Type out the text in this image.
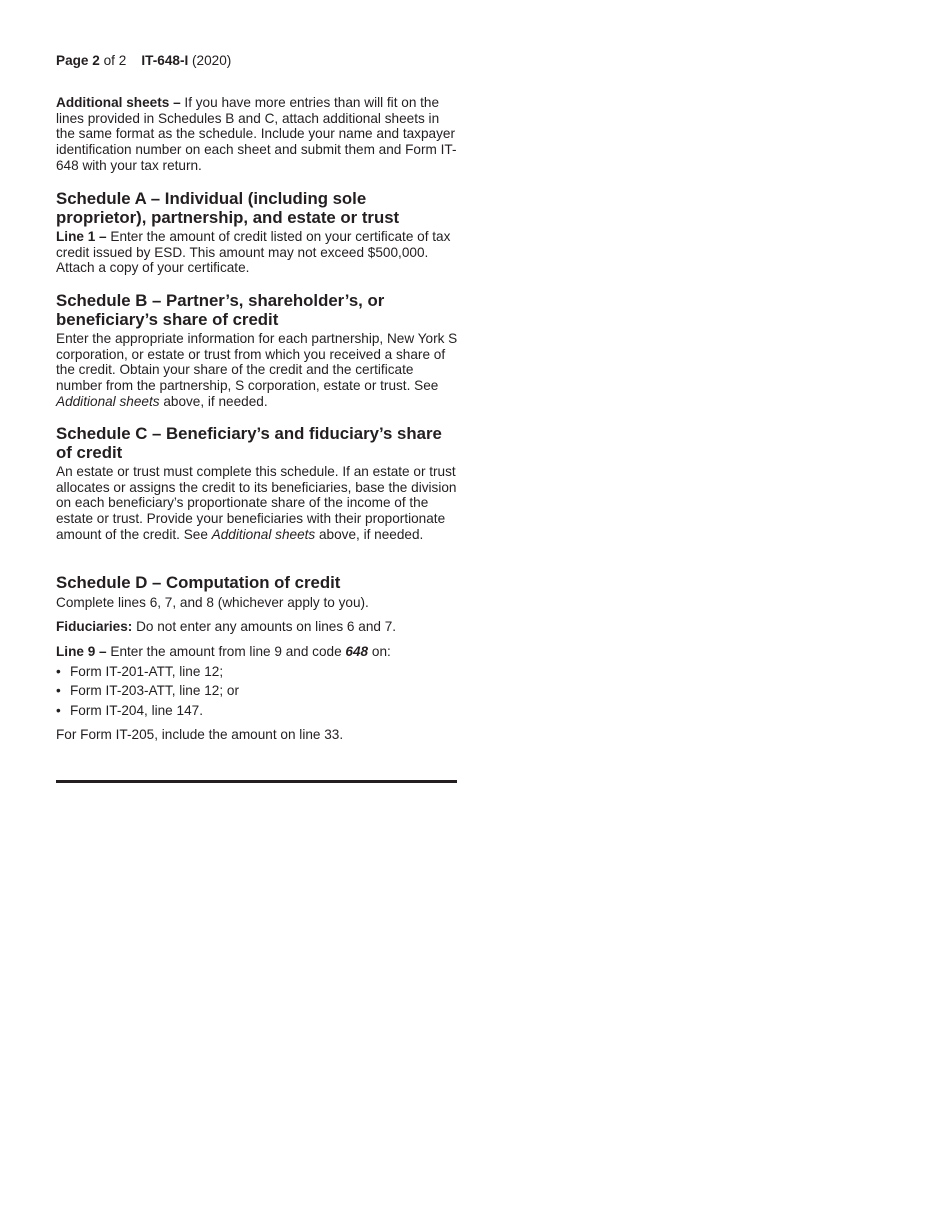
Page 2 of 2 IT-648-I (2020)

Additional sheets – If you have more entries than will fit on the lines provided in Schedules B and C, attach additional sheets in the same format as the schedule. Include your name and taxpayer identification number on each sheet and submit them and Form IT-648 with your tax return.

Schedule A – Individual (including sole proprietor), partnership, and estate or trust

Line 1 – Enter the amount of credit listed on your certificate of tax credit issued by ESD. This amount may not exceed $500,000. Attach a copy of your certificate.

Schedule B – Partner’s, shareholder’s, or beneficiary’s share of credit

Enter the appropriate information for each partnership, New York S corporation, or estate or trust from which you received a share of the credit. Obtain your share of the credit and the certificate number from the partnership, S corporation, estate or trust. See Additional sheets above, if needed.

Schedule C – Beneficiary’s and fiduciary’s share of credit

An estate or trust must complete this schedule. If an estate or trust allocates or assigns the credit to its beneficiaries, base the division on each beneficiary’s proportionate share of the income of the estate or trust. Provide your beneficiaries with their proportionate amount of the credit. See Additional sheets above, if needed.

Schedule D – Computation of credit

Complete lines 6, 7, and 8 (whichever apply to you).

Fiduciaries: Do not enter any amounts on lines 6 and 7.

Line 9 – Enter the amount from line 9 and code 648 on:

• Form IT-201-ATT, line 12;
• Form IT-203-ATT, line 12; or
• Form IT-204, line 147.

For Form IT-205, include the amount on line 33.
